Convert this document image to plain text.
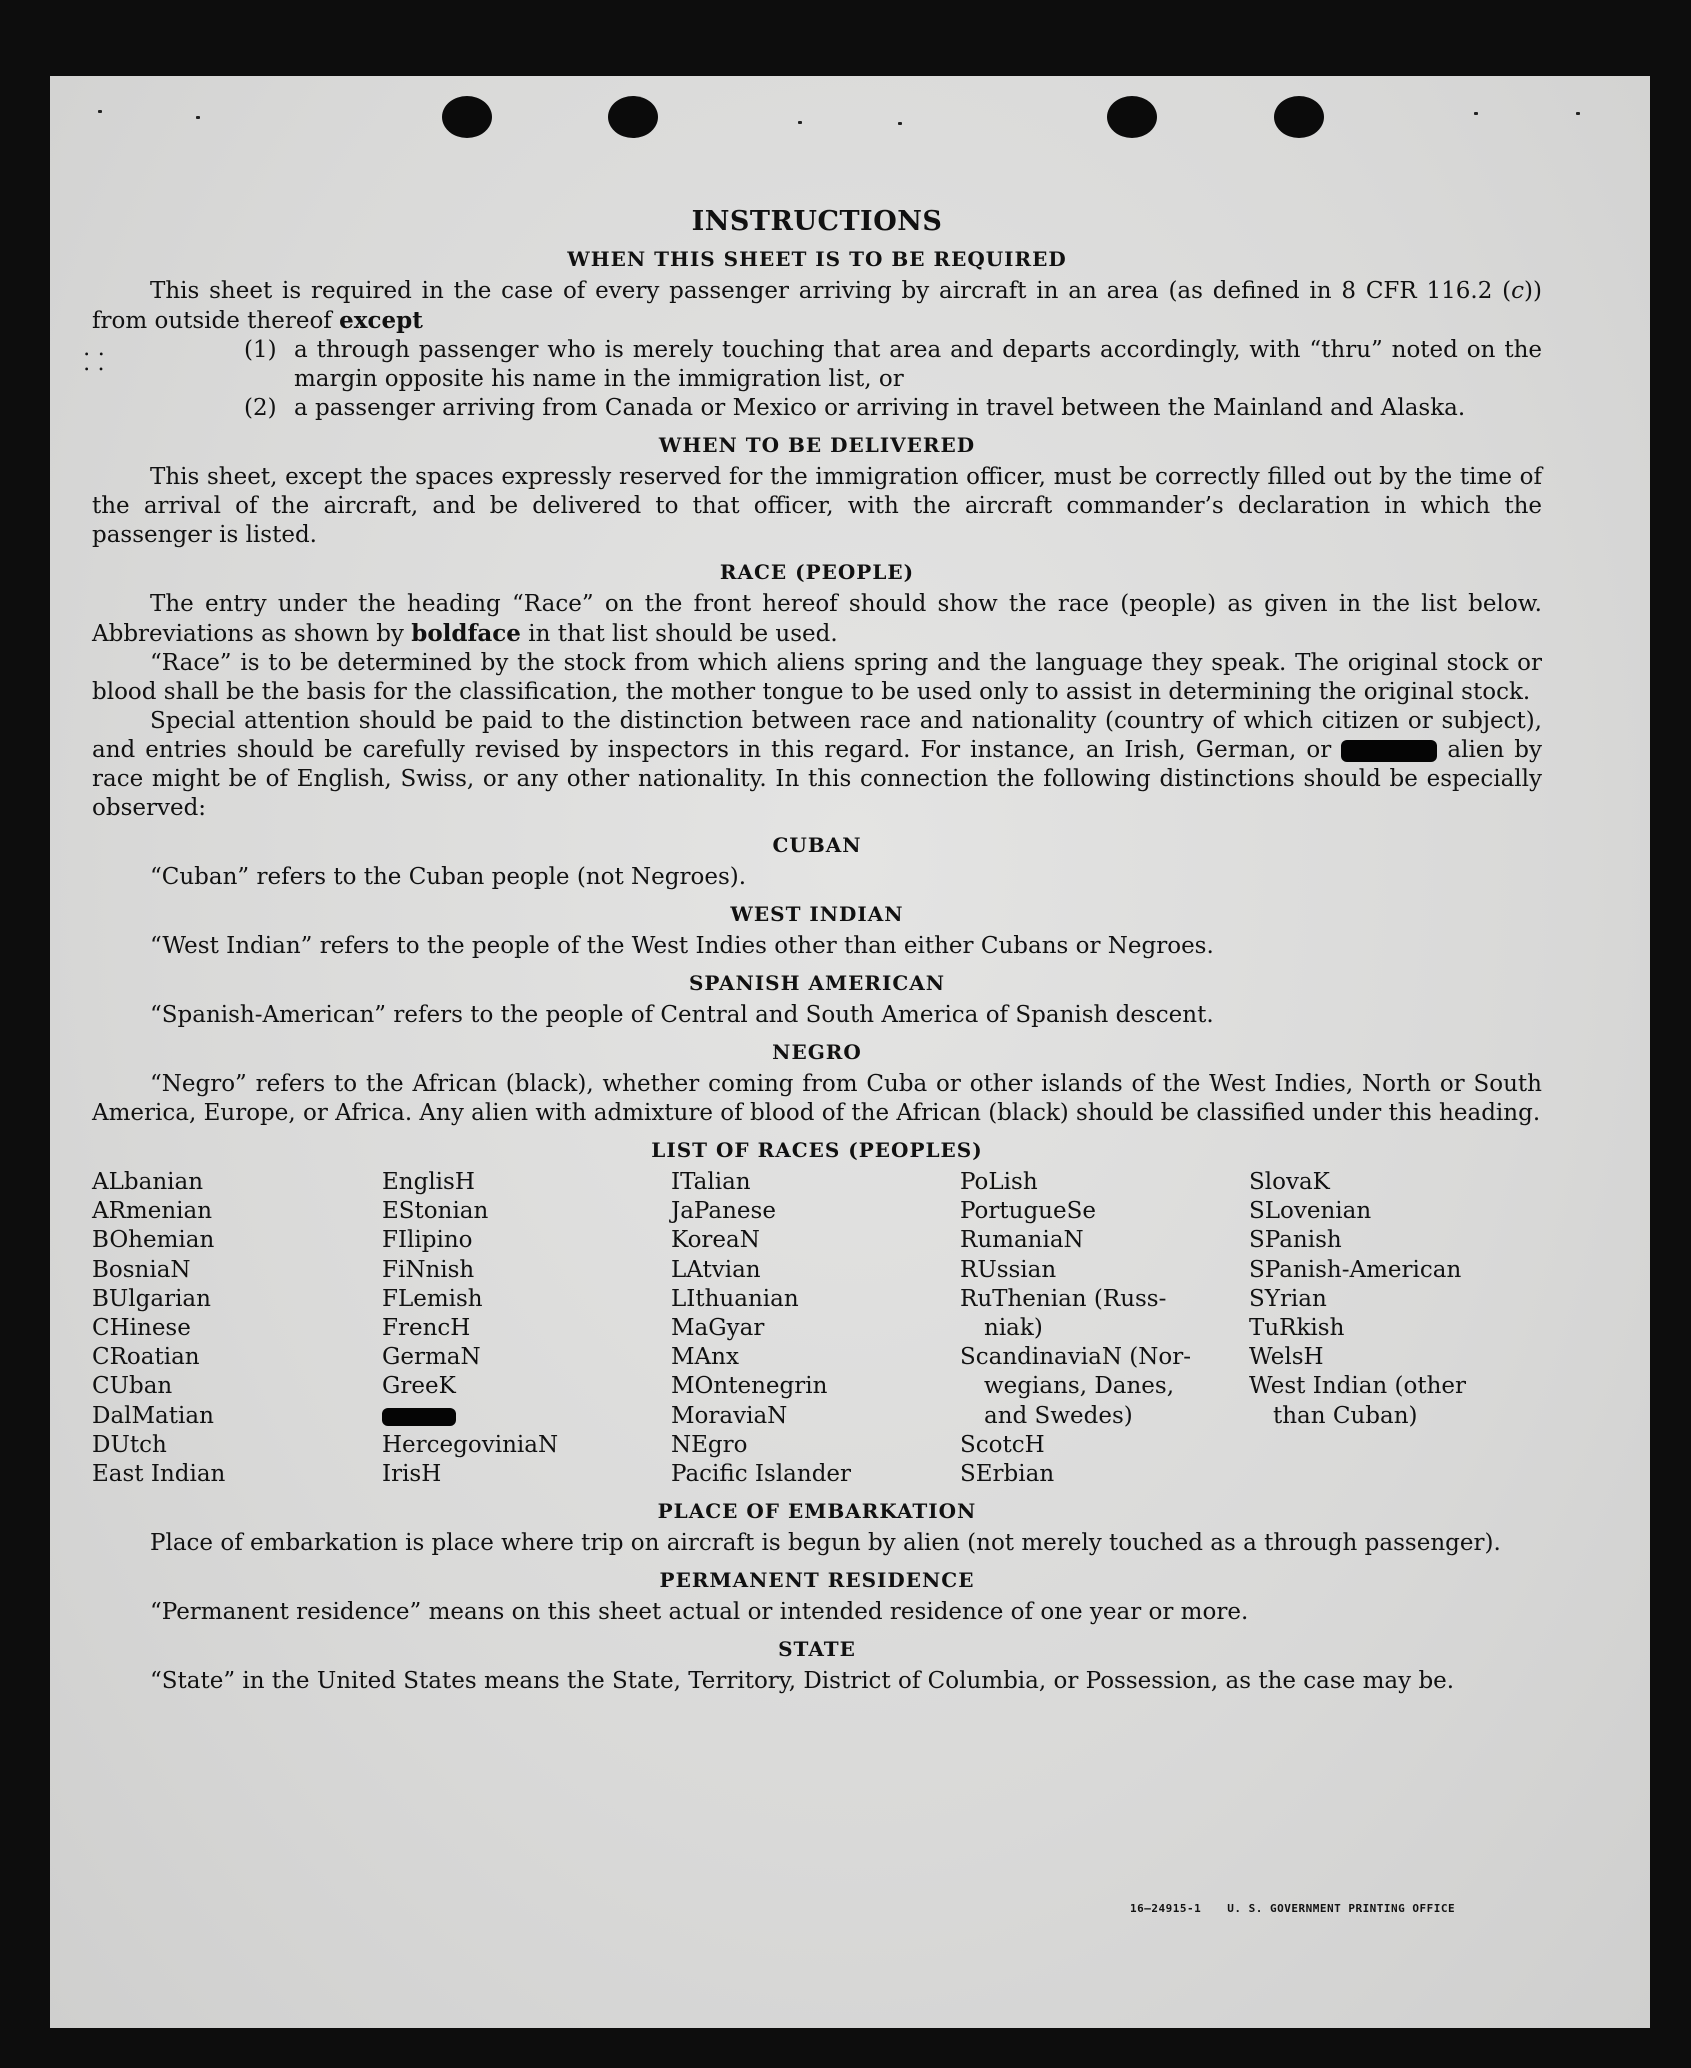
INSTRUCTIONS
WHEN THIS SHEET IS TO BE REQUIRED

This sheet is required in the case of every passenger arriving by aircraft in an area (as defined in 8 CFR 116.2 (c)) from outside thereof except

⸬	(1) a through passenger who is merely touching that area and departs accordingly, with “thru” noted on the margin opposite his name in the immigration list, or
(2) a passenger arriving from Canada or Mexico or arriving in travel between the Mainland and Alaska.
WHEN TO BE DELIVERED

This sheet, except the spaces expressly reserved for the immigration officer, must be correctly filled out by the time of the arrival of the aircraft, and be delivered to that officer, with the aircraft commander’s declaration in which the passenger is listed.

RACE (PEOPLE)

The entry under the heading “Race” on the front hereof should show the race (people) as given in the list below. Abbreviations as shown by boldface in that list should be used.

“Race” is to be determined by the stock from which aliens spring and the language they speak. The original stock or blood shall be the basis for the classification, the mother tongue to be used only to assist in determining the original stock.

Special attention should be paid to the distinction between race and nationality (country of which citizen or subject), and entries should be carefully revised by inspectors in this regard. For instance, an Irish, German, or	alien by race might be of English, Swiss, or any other nationality. In this connection the following distinctions should be especially observed:

CUBAN

“Cuban” refers to the Cuban people (not Negroes).

WEST INDIAN

“West Indian” refers to the people of the West Indies other than either Cubans or Negroes.

SPANISH AMERICAN

“Spanish-American” refers to the people of Central and South America of Spanish descent.

NEGRO

“Negro” refers to the African (black), whether coming from Cuba or other islands of the West Indies, North or South America, Europe, or Africa. Any alien with admixture of blood of the African (black) should be classified under this heading.

LIST OF RACES (PEOPLES)
ALbanian
ARmenian
BOhemian
BosniaN
BUlgarian
CHinese
CRoatian
CUban
DalMatian
DUtch
East Indian
EnglisH
EStonian
FIlipino
FiNnish
FLemish
FrencH
GermaN
GreeK
HercegoviniaN
IrisH
ITalian
JaPanese
KoreaN
LAtvian
LIthuanian
MaGyar
MAnx
MOntenegrin
MoraviaN
NEgro
Pacific Islander
PoLish
PortugueSe
RumaniaN
RUssian
RuThenian (Russ-
niak)
ScandinaviaN (Nor-
wegians, Danes,
and Swedes)
ScotcH
SErbian
SlovaK
SLovenian
SPanish
SPanish-American
SYrian
TuRkish
WelsH
West Indian (other
than Cuban)
PLACE OF EMBARKATION

Place of embarkation is place where trip on aircraft is begun by alien (not merely touched as a through passenger).

PERMANENT RESIDENCE

“Permanent residence” means on this sheet actual or intended residence of one year or more.

STATE

“State” in the United States means the State, Territory, District of Columbia, or Possession, as the case may be.

16—24915-1 U. S. GOVERNMENT PRINTING OFFICE
